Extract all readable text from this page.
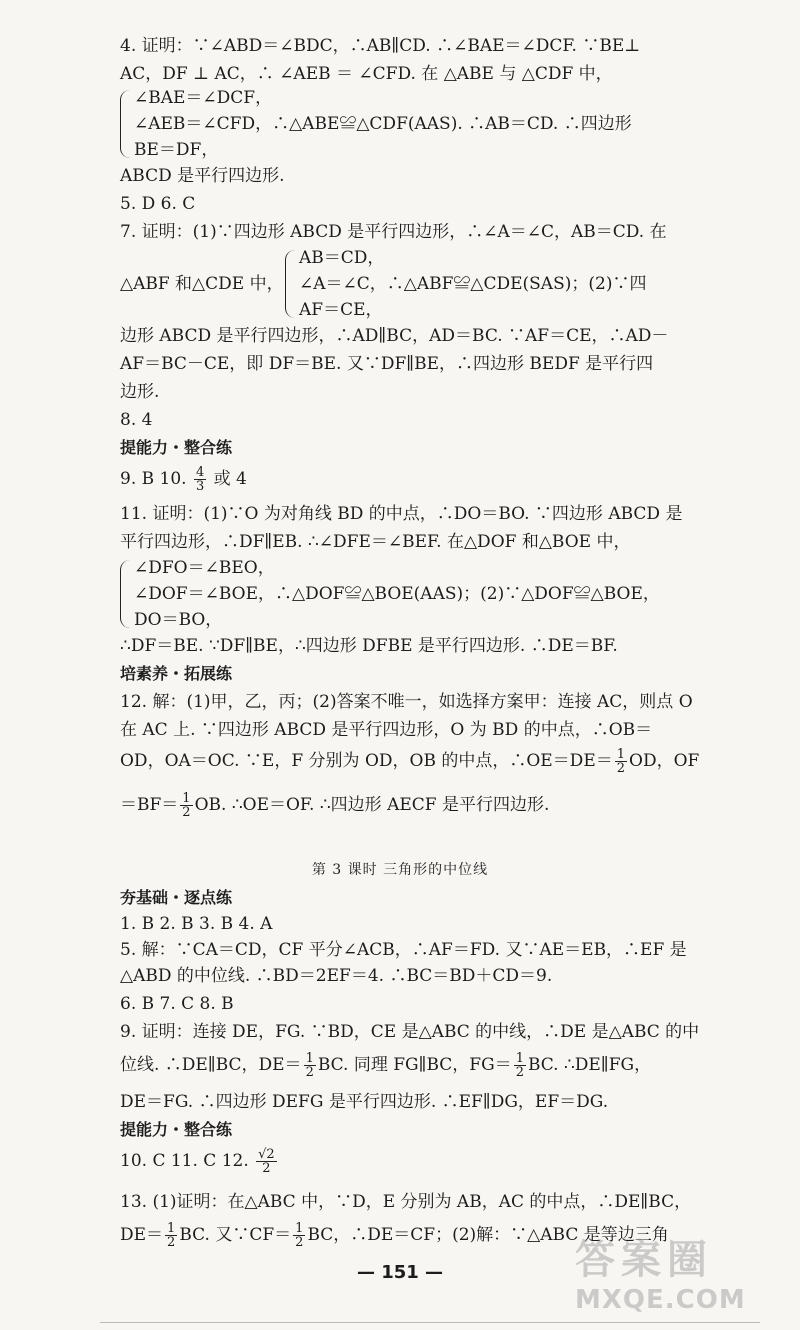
4. 证明：∵∠ABD＝∠BDC，∴AB∥CD. ∴∠BAE＝∠DCF. ∵BE⊥
AC，DF ⊥ AC，∴ ∠AEB ＝ ∠CFD. 在 △ABE 与 △CDF 中，
∠BAE＝∠DCF，
∠AEB＝∠CFD，∴△ABE≌△CDF(AAS). ∴AB＝CD. ∴四边形
BE＝DF，
ABCD 是平行四边形.
5. D 6. C
7. 证明：(1)∵四边形 ABCD 是平行四边形，∴∠A＝∠C，AB＝CD. 在
△ABF 和△CDE 中，
AB＝CD，
∠A＝∠C，∴△ABF≌△CDE(SAS)；(2)∵四
AF＝CE，
边形 ABCD 是平行四边形，∴AD∥BC，AD＝BC. ∵AF＝CE，∴AD－
AF＝BC－CE，即 DF＝BE. 又∵DF∥BE，∴四边形 BEDF 是平行四
边形.
8. 4
提能力・整合练
9. B 10. $\frac{4}{3}$ 或 4
11. 证明：(1)∵O 为对角线 BD 的中点，∴DO＝BO. ∵四边形 ABCD 是
平行四边形，∴DF∥EB. ∴∠DFE＝∠BEF. 在△DOF 和△BOE 中，
∠DFO＝∠BEO，
∠DOF＝∠BOE，∴△DOF≌△BOE(AAS)；(2)∵△DOF≌△BOE，
DO＝BO，
∴DF＝BE. ∵DF∥BE，∴四边形 DFBE 是平行四边形. ∴DE＝BF.
培素养・拓展练
12. 解：(1)甲，乙，丙；(2)答案不唯一，如选择方案甲：连接 AC，则点 O
在 AC 上. ∵四边形 ABCD 是平行四边形，O 为 BD 的中点，∴OB＝
OD，OA＝OC. ∵E，F 分别为 OD，OB 的中点，∴OE＝DE＝ $\frac{1}{2}$ OD，OF
$=BF= \frac{1}{2}$ OB. ∴OE＝OF. ∴四边形 AECF 是平行四边形.
第 3 课时 三角形的中位线
夯基础・逐点练
1. B 2. B 3. B 4. A
5. 解：∵CA＝CD，CF 平分∠ACB，∴AF＝FD. 又∵AE＝EB，∴EF 是
△ABD 的中位线. ∴BD＝2EF＝4. ∴BC＝BD＋CD＝9.
6. B 7. C 8. B
9. 证明：连接 DE，FG. ∵BD，CE 是△ABC 的中线，∴DE 是△ABC 的中
位线. ∴DE∥BC，$DE= \frac{1}{2}$ BC. 同理 FG∥BC，$FG= \frac{1}{2}$ BC. ∴DE∥FG，
DE＝FG. ∴四边形 DEFG 是平行四边形. ∴EF∥DG，EF＝DG.
提能力・整合练
10. C 11. C 12. $\frac{√2}{2}$
13. (1)证明：在△ABC 中，∵D，E 分别为 AB，AC 的中点，∴DE∥BC，
$DE= \frac{1}{2}$ BC. 又∵CF＝ $\frac{1}{2}$ BC，∴DE＝CF；(2)解：∵△ABC 是等边三角
— 151 —	答案圈
MXQE.COM
